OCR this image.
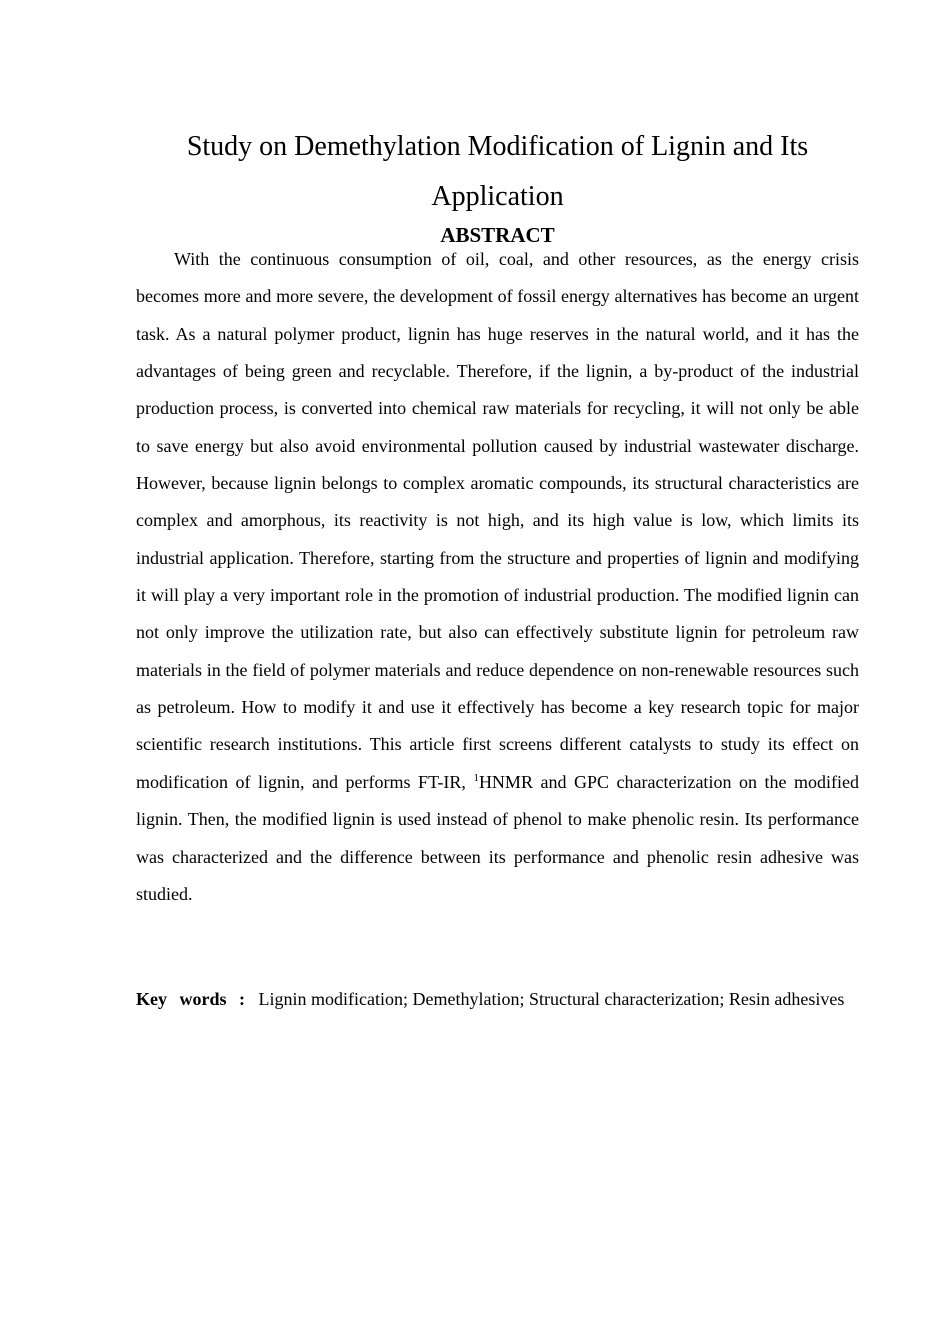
Study on Demethylation Modification of Lignin and Its Application
ABSTRACT

With the continuous consumption of oil, coal, and other resources, as the energy crisis becomes more and more severe, the development of fossil energy alternatives has become an urgent task. As a natural polymer product, lignin has huge reserves in the natural world, and it has the advantages of being green and recyclable. Therefore, if the lignin, a by-product of the industrial production process, is converted into chemical raw materials for recycling, it will not only be able to save energy but also avoid environmental pollution caused by industrial wastewater discharge. However, because lignin belongs to complex aromatic compounds, its structural characteristics are complex and amorphous, its reactivity is not high, and its high value is low, which limits its industrial application. Therefore, starting from the structure and properties of lignin and modifying it will play a very important role in the promotion of industrial production. The modified lignin can not only improve the utilization rate, but also can effectively substitute lignin for petroleum raw materials in the field of polymer materials and reduce dependence on non-renewable resources such as petroleum. How to modify it and use it effectively has become a key research topic for major scientific research institutions. This article first screens different catalysts to study its effect on modification of lignin, and performs FT-IR, $^1$HNMR and GPC characterization on the modified lignin. Then, the modified lignin is used instead of phenol to make phenolic resin. Its performance was characterized and the difference between its performance and phenolic resin adhesive was studied.

Key words : Lignin modification; Demethylation; Structural characterization; Resin adhesives
